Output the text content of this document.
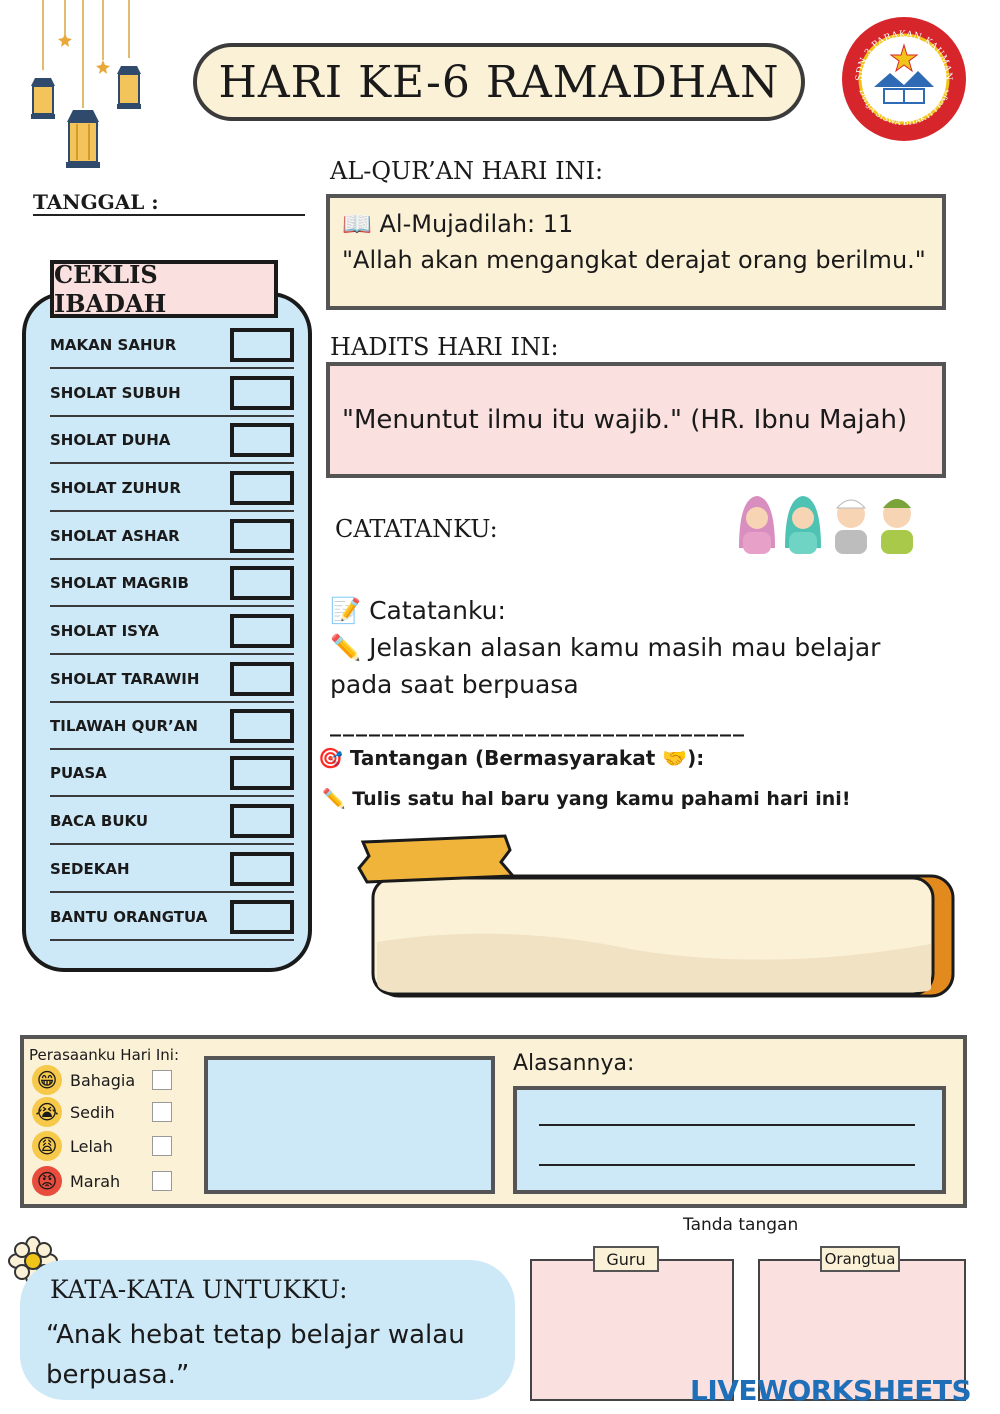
HARI KE-6 RAMADHAN	SDN 3 PARAKAN KAUMAN
DWIJA SISWA BHAKTI PRAJA
TANGGAL :
CEKLIS IBADAH
MAKAN SAHUR
SHOLAT SUBUH
SHOLAT DUHA
SHOLAT ZUHUR
SHOLAT ASHAR
SHOLAT MAGRIB
SHOLAT ISYA
SHOLAT TARAWIH
TILAWAH QUR’AN
PUASA
BACA BUKU
SEDEKAH
BANTU ORANGTUA
AL-QUR’AN HARI INI:
📖 Al-Mujadilah: 11
"Allah akan mengangkat derajat orang berilmu."
HADITS HARI INI:
"Menuntut ilmu itu wajib." (HR. Ibnu Majah)
CATATANKU:
📝 Catatanku:
✏️ Jelaskan alasan kamu masih mau belajar pada saat berpuasa
________________________________
🎯 Tantangan (Bermasyarakat 🤝):
✏️ Tulis satu hal baru yang kamu pahami hari ini!
Perasaanku Hari Ini:
😁 Bahagia
😭 Sedih
😩 Lelah
😡 Marah
Alasannya:
KATA-KATA UNTUKKU:
“Anak hebat tetap belajar walau berpuasa.”
Tanda tangan
Guru	Orangtua
LIVEWORKSHEETS
